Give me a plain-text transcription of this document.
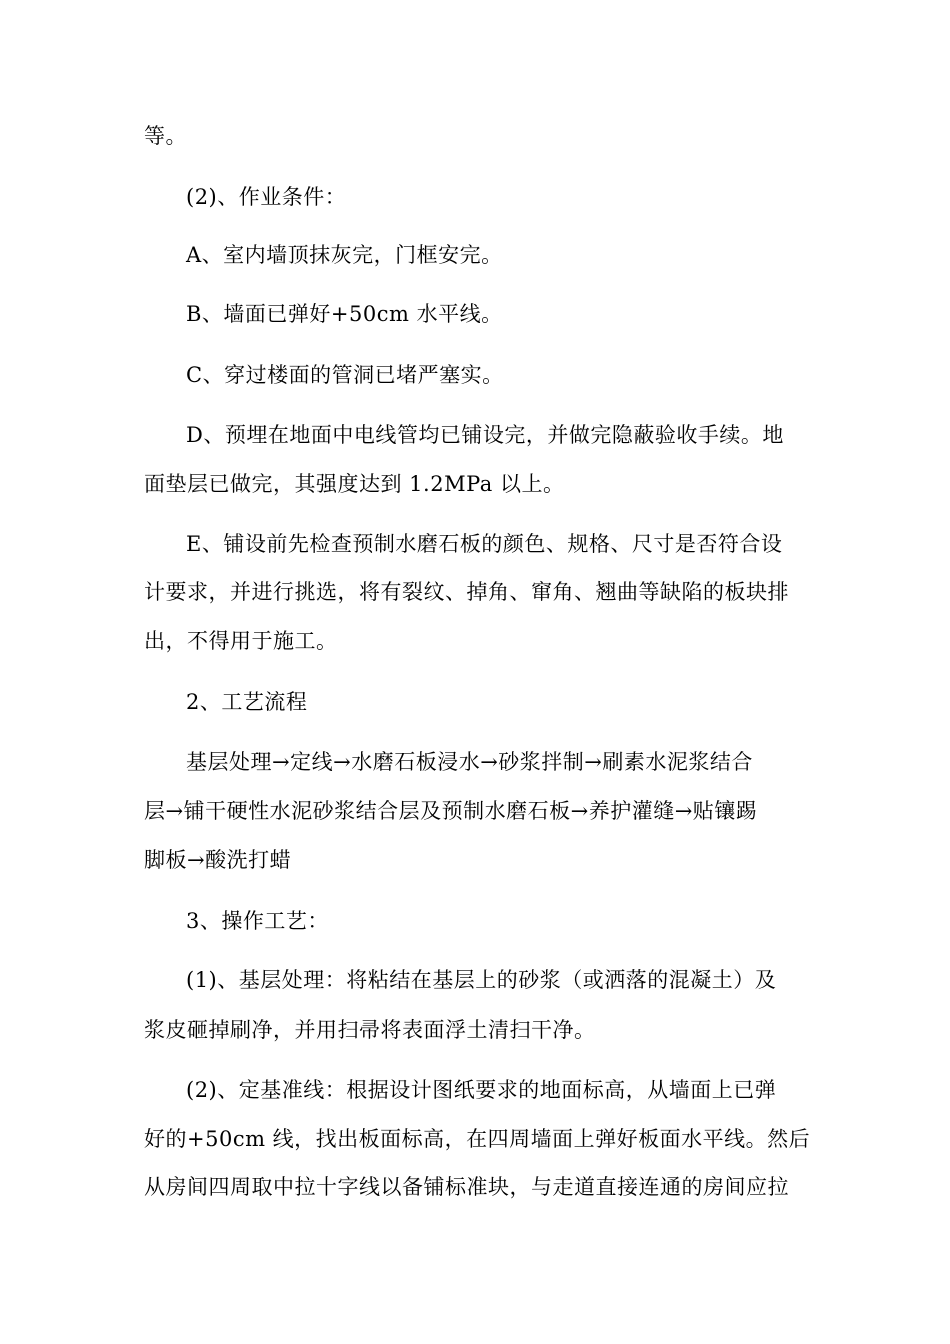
等。
(2)、作业条件：
A、室内墙顶抹灰完，门框安完。
B、墙面已弹好+50cm 水平线。
C、穿过楼面的管洞已堵严塞实。
D、预埋在地面中电线管均已铺设完，并做完隐蔽验收手续。地
面垫层已做完，其强度达到 1.2MPa 以上。
E、铺设前先检查预制水磨石板的颜色、规格、尺寸是否符合设
计要求，并进行挑选，将有裂纹、掉角、窜角、翘曲等缺陷的板块排
出，不得用于施工。
2、工艺流程
基层处理→定线→水磨石板浸水→砂浆拌制→刷素水泥浆结合
层→铺干硬性水泥砂浆结合层及预制水磨石板→养护灌缝→贴镶踢
脚板→酸洗打蜡
3、操作工艺：
(1)、基层处理：将粘结在基层上的砂浆（或洒落的混凝土）及
浆皮砸掉刷净，并用扫帚将表面浮土清扫干净。
(2)、定基准线：根据设计图纸要求的地面标高，从墙面上已弹
好的+50cm 线，找出板面标高，在四周墙面上弹好板面水平线。然后
从房间四周取中拉十字线以备铺标准块，与走道直接连通的房间应拉
